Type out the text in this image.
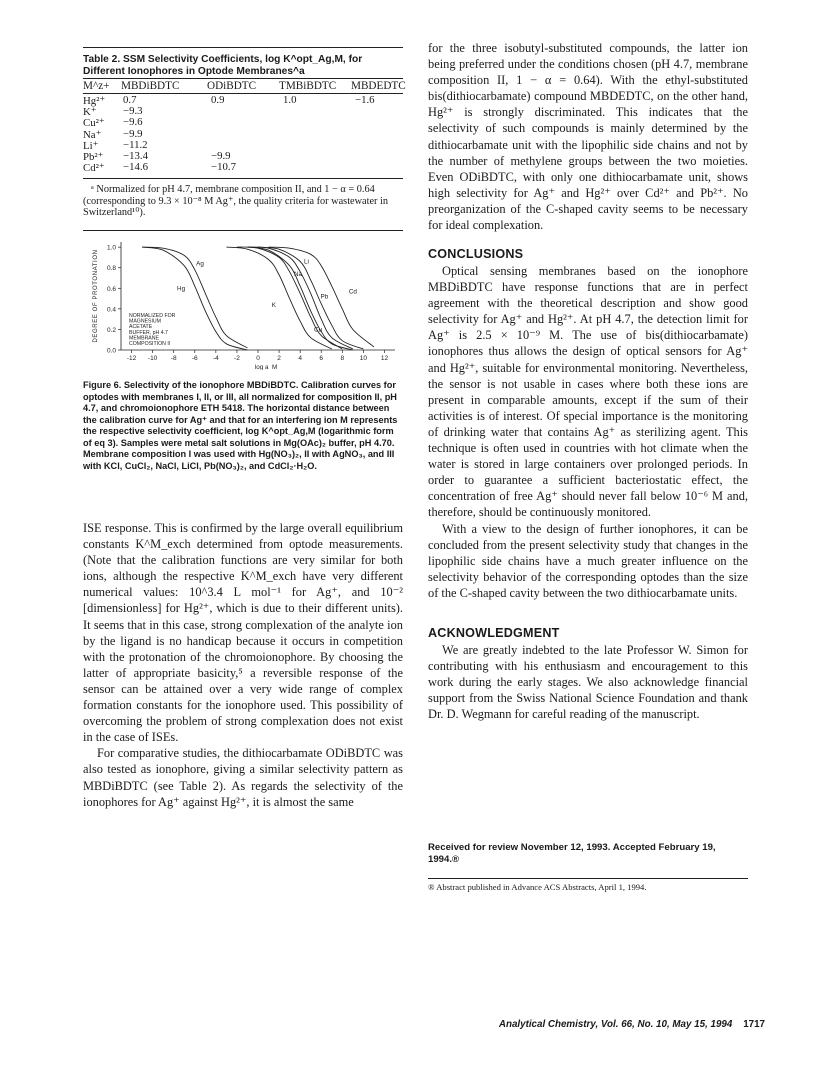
Table 2. SSM Selectivity Coefficients, log K^opt_Ag,M, for Different Ionophores in Optode Membranes^a
M^z+ MBDiBDTC ODiBDTC TMBiBDTC MBDEDTC
Hg²⁺ 0.7	0.9	1.0	−1.6
K⁺ −9.3
Cu²⁺ −9.6
Na⁺ −9.9
Li⁺ −11.2
Pb²⁺ −13.4	−9.9
Cd²⁺ −14.6	−10.7
ᵃ Normalized for pH 4.7, membrane composition II, and 1 − α = 0.64 (corresponding to 9.3 × 10⁻⁸ M Ag⁺, the quality criteria for wastewater in Switzerland¹⁰).
0.0
0.2
0.4
0.6
0.8
1.0
-12 -10 -8 -6 -4 -2	0	2	4	6	8 10 12
DEGREE OF PROTONATION
log a_M
NORMALIZED FOR
MAGNESIUM
ACETATE
BUFFER, pH 4.7
MEMBRANE
COMPOSITION II
Hg
Ag
K
Na
Li
Pb
Cu
Cd
Figure 6. Selectivity of the ionophore MBDiBDTC. Calibration curves for optodes with membranes I, II, or III, all normalized for composition II, pH 4.7, and chromoionophore ETH 5418. The horizontal distance between the calibration curve for Ag⁺ and that for an interfering ion M represents the respective selectivity coefficient, log K^opt_Ag,M (logarithmic form of eq 3). Samples were metal salt solutions in Mg(OAc)₂ buffer, pH 4.70. Membrane composition I was used with Hg(NO₃)₂, II with AgNO₃, and III with KCl, CuCl₂, NaCl, LiCl, Pb(NO₃)₂, and CdCl₂·H₂O.

ISE response. This is confirmed by the large overall equilibrium constants K^M_exch determined from optode measurements. (Note that the calibration functions are very similar for both ions, although the respective K^M_exch have very different numerical values: 10^3.4 L mol⁻¹ for Ag⁺, and 10⁻² [dimensionless] for Hg²⁺, which is due to their different units). It seems that in this case, strong complexation of the analyte ion by the ligand is no handicap because it occurs in competition with the protonation of the chromoionophore. By choosing the latter of appropriate basicity,⁵ a reversible response of the sensor can be attained over a very wide range of complex formation constants for the ionophore used. This possibility of overcoming the problem of strong complexation does not exist in the case of ISEs.

For comparative studies, the dithiocarbamate ODiBDTC was also tested as ionophore, giving a similar selectivity pattern as MBDiBDTC (see Table 2). As regards the selectivity of the ionophores for Ag⁺ against Hg²⁺, it is almost the same

for the three isobutyl-substituted compounds, the latter ion being preferred under the conditions chosen (pH 4.7, membrane composition II, 1 − α = 0.64). With the ethyl-substituted bis(dithiocarbamate) compound MBDEDTC, on the other hand, Hg²⁺ is strongly discriminated. This indicates that the selectivity of such compounds is mainly determined by the dithiocarbamate unit with the lipophilic side chains and not by the number of methylene groups between the two moieties. Even ODiBDTC, with only one dithiocarbamate unit, shows high selectivity for Ag⁺ and Hg²⁺ over Cd²⁺ and Pb²⁺. No preorganization of the C-shaped cavity seems to be necessary for ideal complexation.

CONCLUSIONS

Optical sensing membranes based on the ionophore MBDiBDTC have response functions that are in perfect agreement with the theoretical description and show good selectivity for Ag⁺ and Hg²⁺. At pH 4.7, the detection limit for Ag⁺ is 2.5 × 10⁻⁹ M. The use of bis(dithiocarbamate) ionophores thus allows the design of optical sensors for Ag⁺ and Hg²⁺, suitable for environmental monitoring. Nevertheless, the sensor is not usable in cases where both these ions are present in comparable amounts, except if the sum of their activities is of interest. Of special importance is the monitoring of drinking water that contains Ag⁺ as sterilizing agent. This technique is often used in countries with hot climate when the water is stored in large containers over prolonged periods. In order to guarantee a sufficient bacteriostatic effect, the concentration of free Ag⁺ should never fall below 10⁻⁶ M and, therefore, should be continuously monitored.

With a view to the design of further ionophores, it can be concluded from the present selectivity study that changes in the lipophilic side chains have a much greater influence on the selectivity behavior of the corresponding optodes than the size of the C-shaped cavity between the two dithiocarbamate units.

ACKNOWLEDGMENT

We are greatly indebted to the late Professor W. Simon for contributing with his enthusiasm and encouragement to this work during the early stages. We also acknowledge financial support from the Swiss National Science Foundation and thank Dr. D. Wegmann for careful reading of the manuscript.

Received for review November 12, 1993. Accepted February 19, 1994.®
® Abstract published in Advance ACS Abstracts, April 1, 1994.
Analytical Chemistry, Vol. 66, No. 10, May 15, 1994 1717
